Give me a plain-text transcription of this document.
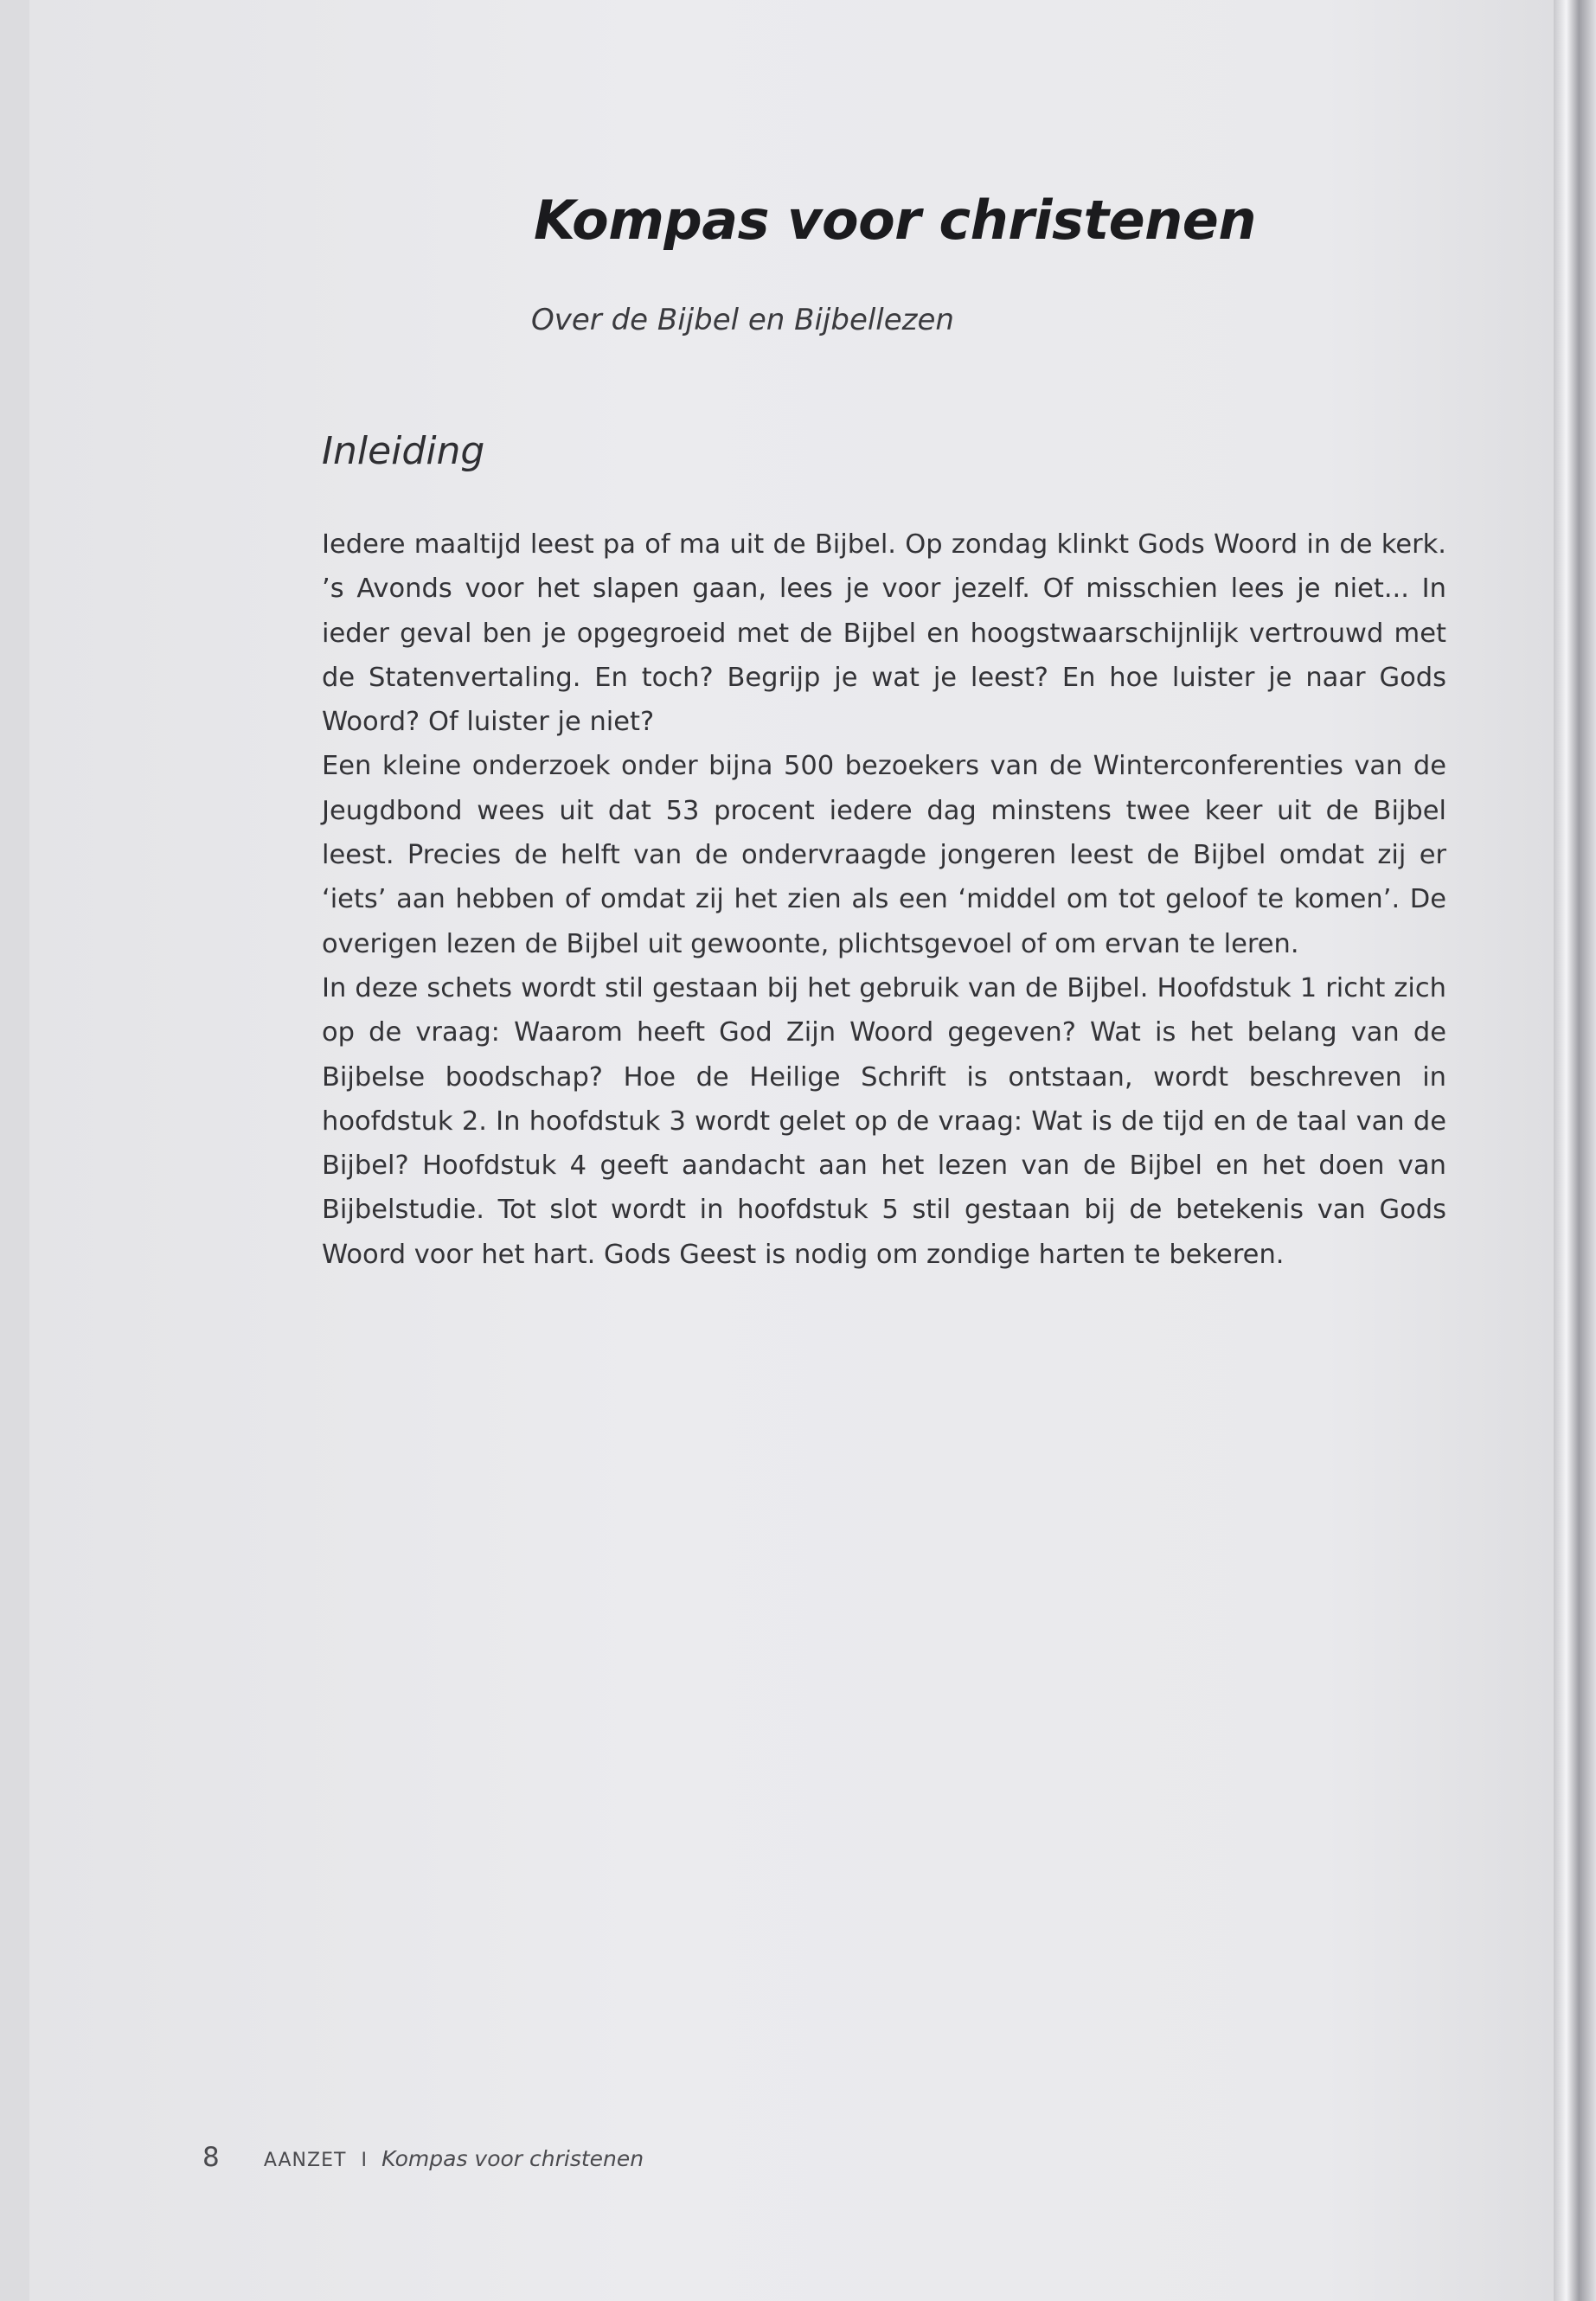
Kompas voor christenen
Over de Bijbel en Bijbellezen
Inleiding

Iedere maaltijd leest pa of ma uit de Bijbel. Op zondag klinkt Gods Woord in de kerk. ’s Avonds voor het slapen gaan, lees je voor jezelf. Of misschien lees je niet... In ieder geval ben je opgegroeid met de Bijbel en hoogstwaarschijnlijk vertrouwd met de Statenvertaling. En toch? Begrijp je wat je leest? En hoe luister je naar Gods Woord? Of luister je niet?

Een kleine onderzoek onder bijna 500 bezoekers van de Winterconferenties van de Jeugdbond wees uit dat 53 procent iedere dag minstens twee keer uit de Bijbel leest. Precies de helft van de ondervraagde jongeren leest de Bijbel omdat zij er ‘iets’ aan hebben of omdat zij het zien als een ‘middel om tot geloof te komen’. De overigen lezen de Bijbel uit gewoonte, plichtsgevoel of om ervan te leren.

In deze schets wordt stil gestaan bij het gebruik van de Bijbel. Hoofdstuk 1 richt zich op de vraag: Waarom heeft God Zijn Woord gegeven? Wat is het belang van de Bijbelse boodschap? Hoe de Heilige Schrift is ontstaan, wordt beschreven in hoofdstuk 2. In hoofdstuk 3 wordt gelet op de vraag: Wat is de tijd en de taal van de Bijbel? Hoofdstuk 4 geeft aandacht aan het lezen van de Bijbel en het doen van Bijbelstudie. Tot slot wordt in hoofdstuk 5 stil gestaan bij de betekenis van Gods Woord voor het hart. Gods Geest is nodig om zondige harten te bekeren.

8 AANZET I Kompas voor christenen
